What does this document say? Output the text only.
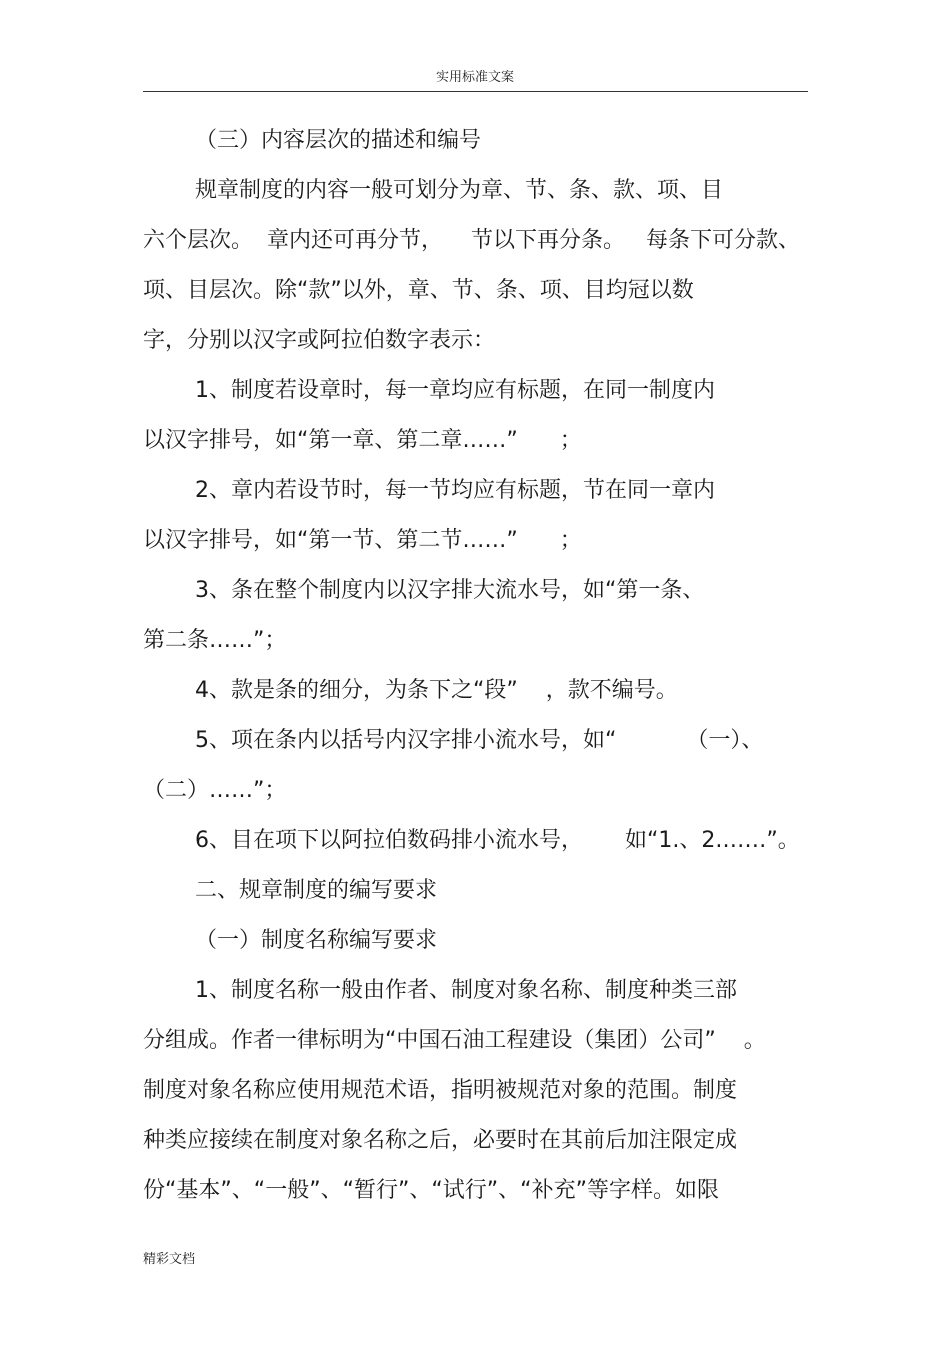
实用标准文案
（三）内容层次的描述和编号
规章制度的内容一般可划分为章、节、条、款、项、目
六个层次。  章内还可再分节，    节以下再分条。   每条下可分款、
项、目层次。除“款”以外，章、节、条、项、目均冠以数
字，分别以汉字或阿拉伯数字表示：
1、制度若设章时，每一章均应有标题，在同一制度内
以汉字排号，如“第一章、第二章……”      ；
2、章内若设节时，每一节均应有标题，节在同一章内
以汉字排号，如“第一节、第二节……”      ；
3、条在整个制度内以汉字排大流水号，如“第一条、
第二条……”；
4、款是条的细分，为条下之“段”    ，款不编号。
5、项在条内以括号内汉字排小流水号，如“          （一）、
（二）……”；
6、目在项下以阿拉伯数码排小流水号，      如“1.、2.……”。
二、规章制度的编写要求
（一）制度名称编写要求
1、制度名称一般由作者、制度对象名称、制度种类三部
分组成。作者一律标明为“中国石油工程建设（集团）公司”    。
制度对象名称应使用规范术语，指明被规范对象的范围。制度
种类应接续在制度对象名称之后，必要时在其前后加注限定成
份“基本”、“一般”、“暂行”、“试行”、“补充”等字样。如限
精彩文档
